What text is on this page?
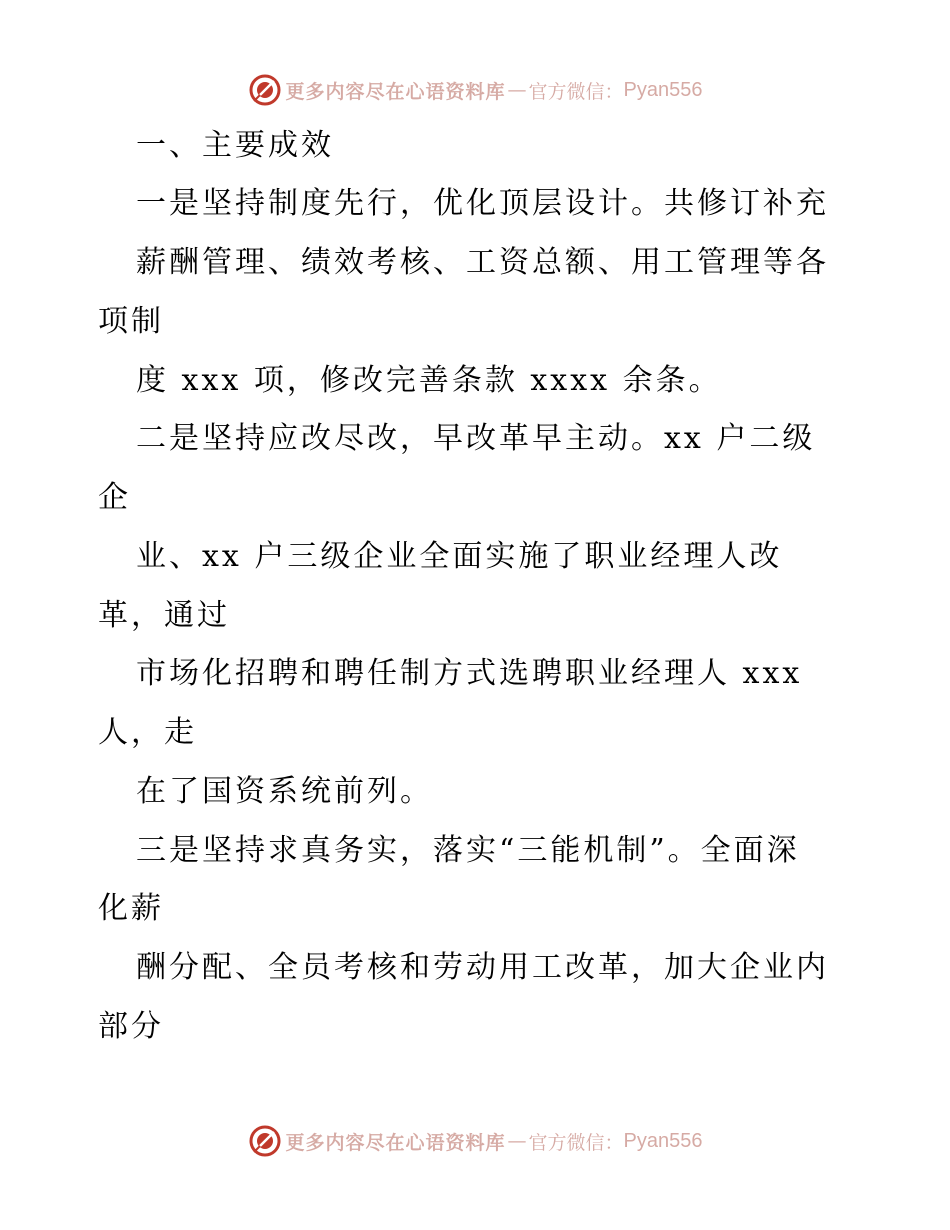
更多内容尽在心语资料库 — 官方微信： Pyan556
一、主要成效
一是坚持制度先行，优化顶层设计。共修订补充
薪酬管理、绩效考核、工资总额、用工管理等各
项制
度 xxx 项，修改完善条款 xxxx 余条。
二是坚持应改尽改，早改革早主动。xx 户二级
企
业、xx 户三级企业全面实施了职业经理人改
革，通过
市场化招聘和聘任制方式选聘职业经理人 xxx
人，走
在了国资系统前列。
三是坚持求真务实，落实“三能机制”。全面深
化薪
酬分配、全员考核和劳动用工改革，加大企业内
部分
更多内容尽在心语资料库 — 官方微信： Pyan556
